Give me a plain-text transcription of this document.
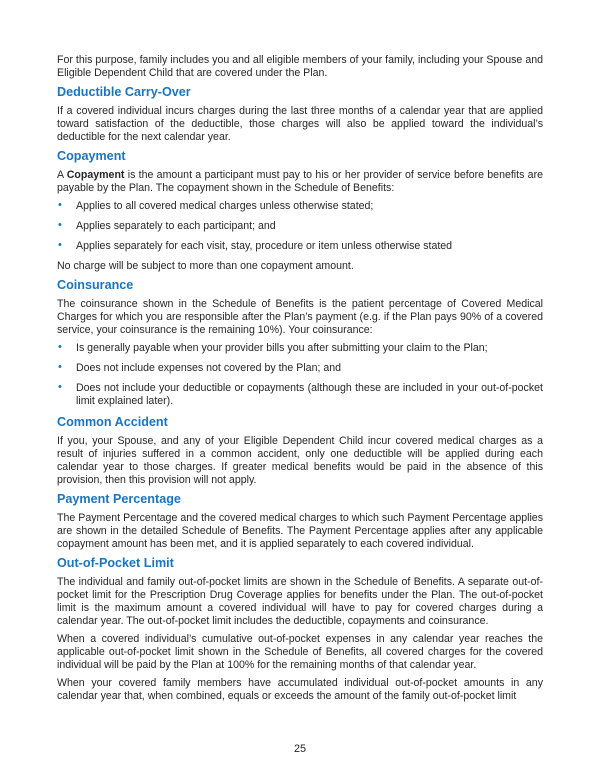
For this purpose, family includes you and all eligible members of your family, including your Spouse and Eligible Dependent Child that are covered under the Plan.

Deductible Carry-Over

If a covered individual incurs charges during the last three months of a calendar year that are applied toward satisfaction of the deductible, those charges will also be applied toward the individual’s deductible for the next calendar year.

Copayment

A Copayment is the amount a participant must pay to his or her provider of service before benefits are payable by the Plan. The copayment shown in the Schedule of Benefits:

• Applies to all covered medical charges unless otherwise stated;
• Applies separately to each participant; and
• Applies separately for each visit, stay, procedure or item unless otherwise stated

No charge will be subject to more than one copayment amount.

Coinsurance

The coinsurance shown in the Schedule of Benefits is the patient percentage of Covered Medical Charges for which you are responsible after the Plan’s payment (e.g. if the Plan pays 90% of a covered service, your coinsurance is the remaining 10%). Your coinsurance:

• Is generally payable when your provider bills you after submitting your claim to the Plan;
• Does not include expenses not covered by the Plan; and
• Does not include your deductible or copayments (although these are included in your out-of-pocket limit explained later).
Common Accident

If you, your Spouse, and any of your Eligible Dependent Child incur covered medical charges as a result of injuries suffered in a common accident, only one deductible will be applied during each calendar year to those charges. If greater medical benefits would be paid in the absence of this provision, then this provision will not apply.

Payment Percentage

The Payment Percentage and the covered medical charges to which such Payment Percentage applies are shown in the detailed Schedule of Benefits. The Payment Percentage applies after any applicable copayment amount has been met, and it is applied separately to each covered individual.

Out-of-Pocket Limit

The individual and family out-of-pocket limits are shown in the Schedule of Benefits. A separate out-of-pocket limit for the Prescription Drug Coverage applies for benefits under the Plan. The out-of-pocket limit is the maximum amount a covered individual will have to pay for covered charges during a calendar year. The out-of-pocket limit includes the deductible, copayments and coinsurance.

When a covered individual’s cumulative out-of-pocket expenses in any calendar year reaches the applicable out-of-pocket limit shown in the Schedule of Benefits, all covered charges for the covered individual will be paid by the Plan at 100% for the remaining months of that calendar year.

When your covered family members have accumulated individual out-of-pocket amounts in any calendar year that, when combined, equals or exceeds the amount of the family out-of-pocket limit

25
